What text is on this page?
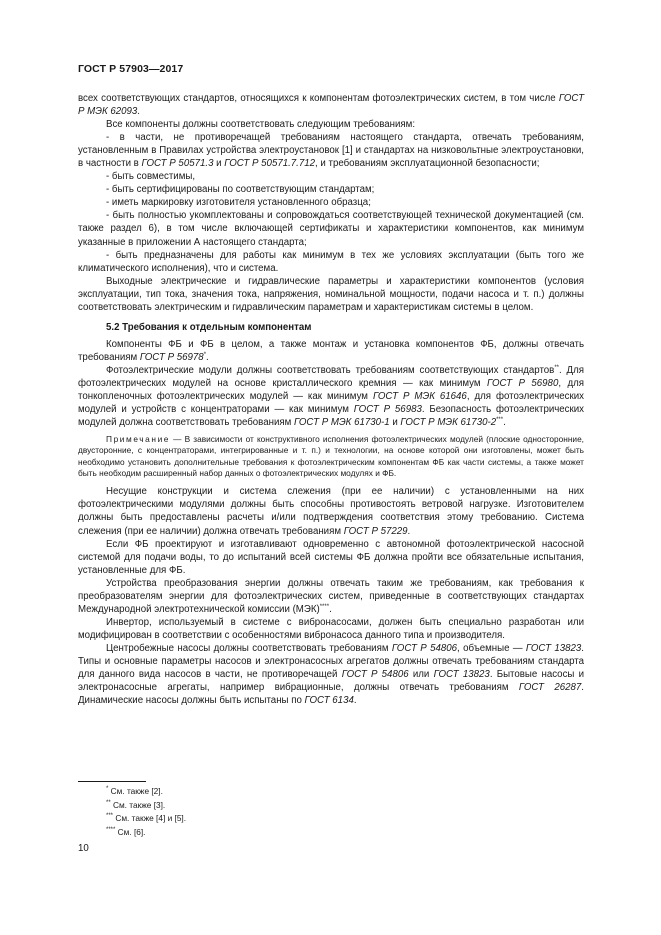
ГОСТ Р 57903—2017

всех соответствующих стандартов, относящихся к компонентам фотоэлектрических систем, в том числе ГОСТ Р МЭК 62093.

Все компоненты должны соответствовать следующим требованиям:

- в части, не противоречащей требованиям настоящего стандарта, отвечать требованиям, установленным в Правилах устройства электроустановок [1] и стандартах на низковольтные электроустановки, в частности в ГОСТ Р 50571.3 и ГОСТ Р 50571.7.712, и требованиям эксплуатационной безопасности;

- быть совместимы,

- быть сертифицированы по соответствующим стандартам;

- иметь маркировку изготовителя установленного образца;

- быть полностью укомплектованы и сопровождаться соответствующей технической документацией (см. также раздел 6), в том числе включающей сертификаты и характеристики компонентов, как минимум указанные в приложении А настоящего стандарта;

- быть предназначены для работы как минимум в тех же условиях эксплуатации (быть того же климатического исполнения), что и система.

Выходные электрические и гидравлические параметры и характеристики компонентов (условия эксплуатации, тип тока, значения тока, напряжения, номинальной мощности, подачи насоса и т. п.) должны соответствовать электрическим и гидравлическим параметрам и характеристикам системы в целом.

5.2 Требования к отдельным компонентам

Компоненты ФБ и ФБ в целом, а также монтаж и установка компонентов ФБ, должны отвечать требованиям ГОСТ Р 56978*.

Фотоэлектрические модули должны соответствовать требованиям соответствующих стандартов**. Для фотоэлектрических модулей на основе кристаллического кремния — как минимум ГОСТ Р 56980, для тонкопленочных фотоэлектрических модулей — как минимум ГОСТ Р МЭК 61646, для фотоэлектрических модулей и устройств с концентраторами — как минимум ГОСТ Р 56983. Безопасность фотоэлектрических модулей должна соответствовать требованиям ГОСТ Р МЭК 61730-1 и ГОСТ Р МЭК 61730-2***.

Примечание — В зависимости от конструктивного исполнения фотоэлектрических модулей (плоские односторонние, двусторонние, с концентраторами, интегрированные и т. п.) и технологии, на основе которой они изготовлены, может быть необходимо установить дополнительные требования к фотоэлектрическим компонентам ФБ как части системы, а также может быть необходим расширенный набор данных о фотоэлектрических модулях и ФБ.

Несущие конструкции и система слежения (при ее наличии) с установленными на них фотоэлектрическими модулями должны быть способны противостоять ветровой нагрузке. Изготовителем должны быть предоставлены расчеты и/или подтверждения соответствия этому требованию. Система слежения (при ее наличии) должна отвечать требованиям ГОСТ Р 57229.

Если ФБ проектируют и изготавливают одновременно с автономной фотоэлектрической насосной системой для подачи воды, то до испытаний всей системы ФБ должна пройти все обязательные испытания, установленные для ФБ.

Устройства преобразования энергии должны отвечать таким же требованиям, как требования к преобразователям энергии для фотоэлектрических систем, приведенные в соответствующих стандартах Международной электротехнической комиссии (МЭК)****.

Инвертор, используемый в системе с вибронасосами, должен быть специально разработан или модифицирован в соответствии с особенностями вибронасоса данного типа и производителя.

Центробежные насосы должны соответствовать требованиям ГОСТ Р 54806, объемные — ГОСТ 13823. Типы и основные параметры насосов и электронасосных агрегатов должны отвечать требованиям стандарта для данного вида насосов в части, не противоречащей ГОСТ Р 54806 или ГОСТ 13823. Бытовые насосы и электронасосные агрегаты, например вибрационные, должны отвечать требованиям ГОСТ 26287. Динамические насосы должны быть испытаны по ГОСТ 6134.

* См. также [2].
** См. также [3].
*** См. также [4] и [5].
**** См. [6].
10
